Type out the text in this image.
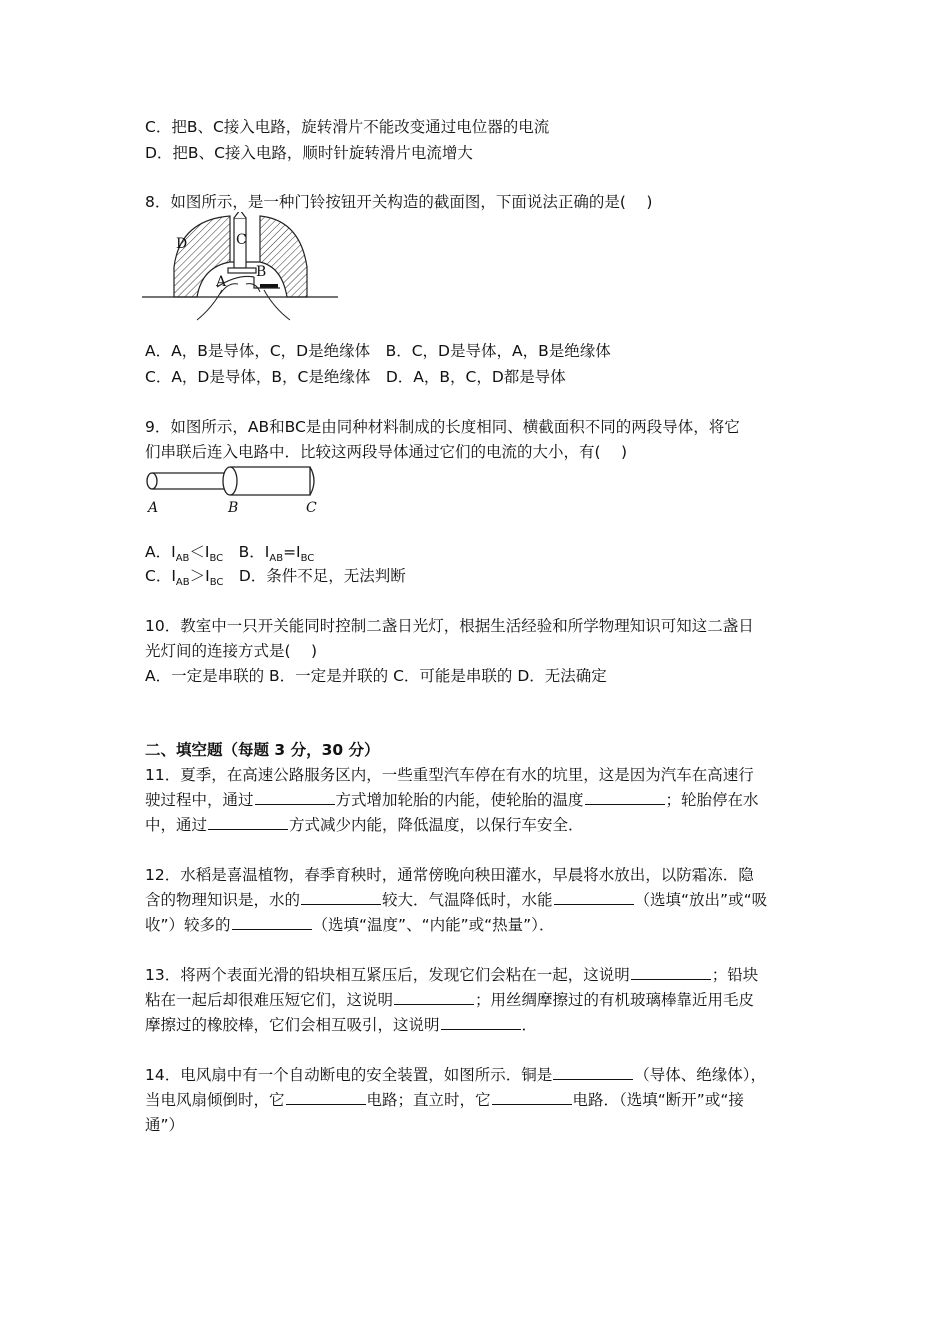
C．把B、C接入电路，旋转滑片不能改变通过电位器的电流
D．把B、C接入电路，顺时针旋转滑片电流增大
8．如图所示，是一种门铃按钮开关构造的截面图，下面说法正确的是(　 )
D	C
A
B
A．A，B是导体，C，D是绝缘体　B．C，D是导体，A，B是绝缘体
C．A，D是导体，B，C是绝缘体　D．A，B，C，D都是导体
9．如图所示，AB和BC是由同种材料制成的长度相同、横截面积不同的两段导体，将它
们串联后连入电路中．比较这两段导体通过它们的电流的大小，有(　 )
A	B	C
A．$I_{AB}<I_{BC}$　B．$I_{AB}=I_{BC}$
C．$I_{AB}>I_{BC}$　D．条件不足，无法判断
10．教室中一只开关能同时控制二盏日光灯，根据生活经验和所学物理知识可知这二盏日
光灯间的连接方式是(　 )
A．一定是串联的 B．一定是并联的 C．可能是串联的 D．无法确定
二、填空题（每题 3 分，30 分）
11．夏季，在高速公路服务区内，一些重型汽车停在有水的坑里，这是因为汽车在高速行
驶过程中，通过	方式增加轮胎的内能，使轮胎的温度	；轮胎停在水
中，通过	方式减少内能，降低温度，以保行车安全．
12．水稻是喜温植物，春季育秧时，通常傍晚向秧田灌水，早晨将水放出，以防霜冻．隐
含的物理知识是，水的	较大．气温降低时，水能	（选填“放出”或“吸
收”）较多的	（选填“温度”、“内能”或“热量”）．
13．将两个表面光滑的铅块相互紧压后，发现它们会粘在一起，这说明	；铅块
粘在一起后却很难压短它们，这说明	；用丝绸摩擦过的有机玻璃棒靠近用毛皮
摩擦过的橡胶棒，它们会相互吸引，这说明	．
14．电风扇中有一个自动断电的安全装置，如图所示．铜是	（导体、绝缘体），
当电风扇倾倒时，它	电路；直立时，它	电路．（选填“断开”或“接
通”）
